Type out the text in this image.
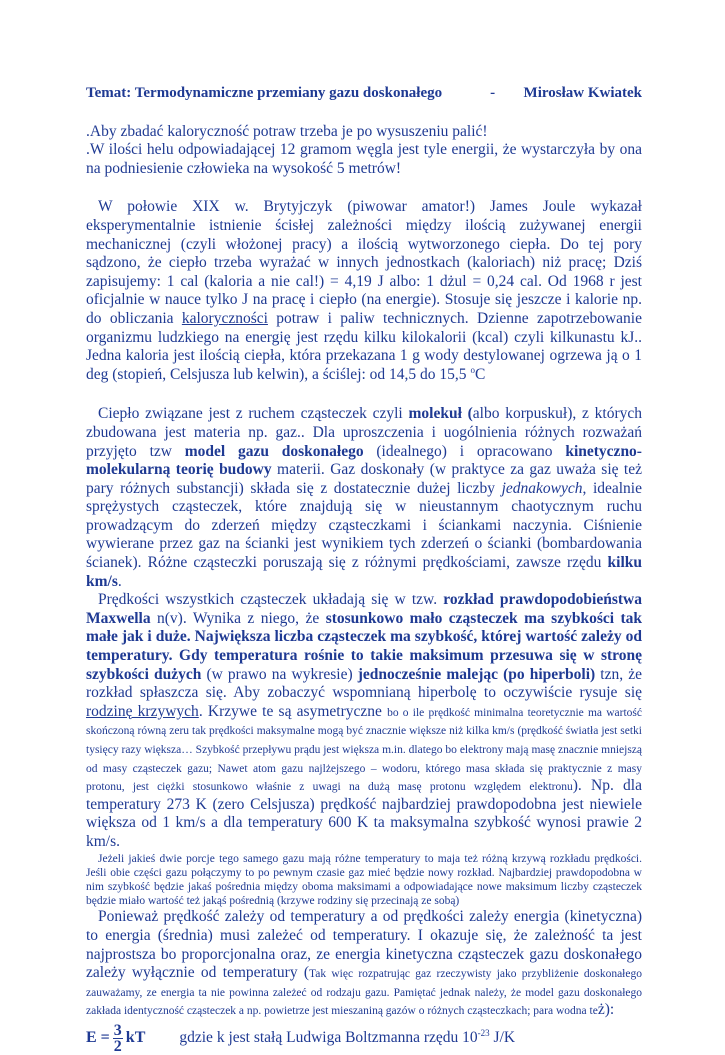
Temat: Termodynamiczne przemiany gazu doskonałego	- Mirosław Kwiatek

.Aby zbadać kaloryczność potraw trzeba je po wysuszeniu palić!

.W ilości helu odpowiadającej 12 gramom węgla jest tyle energii, że wystarczyła by ona na podniesienie człowieka na wysokość 5 metrów!

W połowie XIX w. Brytyjczyk (piwowar amator!) James Joule wykazał eksperymentalnie istnienie ścisłej zależności między ilością zużywanej energii mechanicznej (czyli włożonej pracy) a ilością wytworzonego ciepła. Do tej pory sądzono, że ciepło trzeba wyrażać w innych jednostkach (kaloriach) niż pracę; Dziś zapisujemy: 1 cal (kaloria a nie cal!) = 4,19 J albo: 1 dżul = 0,24 cal. Od 1968 r jest oficjalnie w nauce tylko J na pracę i ciepło (na energie). Stosuje się jeszcze i kalorie np. do obliczania kaloryczności potraw i paliw technicznych. Dzienne zapotrzebowanie organizmu ludzkiego na energię jest rzędu kilku kilokalorii (kcal) czyli kilkunastu kJ.. Jedna kaloria jest ilością ciepła, która przekazana 1 g wody destylowanej ogrzewa ją o 1 deg (stopień, Celsjusza lub kelwin), a ściślej: od 14,5 do 15,5 $^o$C

Ciepło związane jest z ruchem cząsteczek czyli molekuł (albo korpuskuł), z których zbudowana jest materia np. gaz.. Dla uproszczenia i uogólnienia różnych rozważań przyjęto tzw model gazu doskonałego (idealnego) i opracowano kinetyczno-molekularną teorię budowy materii. Gaz doskonały (w praktyce za gaz uważa się też pary różnych substancji) składa się z dostatecznie dużej liczby jednakowych, idealnie sprężystych cząsteczek, które znajdują się w nieustannym chaotycznym ruchu prowadzącym do zderzeń między cząsteczkami i ściankami naczynia. Ciśnienie wywierane przez gaz na ścianki jest wynikiem tych zderzeń o ścianki (bombardowania ścianek). Różne cząsteczki poruszają się z różnymi prędkościami, zawsze rzędu kilku km/s.

Prędkości wszystkich cząsteczek układają się w tzw. rozkład prawdopodobieństwa Maxwella n(v). Wynika z niego, że stosunkowo mało cząsteczek ma szybkości tak małe jak i duże. Największa liczba cząsteczek ma szybkość, której wartość zależy od temperatury. Gdy temperatura rośnie to takie maksimum przesuwa się w stronę szybkości dużych (w prawo na wykresie) jednocześnie malejąc (po hiperboli) tzn, że rozkład spłaszcza się. Aby zobaczyć wspomnianą hiperbolę to oczywiście rysuje się rodzinę krzywych. Krzywe te są asymetryczne bo o ile prędkość minimalna teoretycznie ma wartość skończoną równą zeru tak prędkości maksymalne mogą być znacznie większe niż kilka km/s (prędkość światła jest setki tysięcy razy większa… Szybkość przepływu prądu jest większa m.in. dlatego bo elektrony mają masę znacznie mniejszą od masy cząsteczek gazu; Nawet atom gazu najlżejszego – wodoru, którego masa składa się praktycznie z masy protonu, jest ciężki stosunkowo właśnie z uwagi na dużą masę protonu względem elektronu). Np. dla temperatury 273 K (zero Celsjusza) prędkość najbardziej prawdopodobna jest niewiele większa od 1 km/s a dla temperatury 600 K ta maksymalna szybkość wynosi prawie 2 km/s.

Jeżeli jakieś dwie porcje tego samego gazu mają różne temperatury to maja też różną krzywą rozkładu prędkości. Jeśli obie części gazu połączymy to po pewnym czasie gaz mieć będzie nowy rozkład. Najbardziej prawdopodobna w nim szybkość będzie jakaś pośrednia między oboma maksimami a odpowiadające nowe maksimum liczby cząsteczek będzie miało wartość też jakąś pośrednią (krzywe rodziny się przecinają ze sobą)

Ponieważ prędkość zależy od temperatury a od prędkości zależy energia (kinetyczna) to energia (średnia) musi zależeć od temperatury. I okazuje się, że zależność ta jest najprostsza bo proporcjonalna oraz, ze energia kinetyczna cząsteczek gazu doskonałego zależy wyłącznie od temperatury (Tak więc rozpatrując gaz rzeczywisty jako przybliżenie doskonałego zauważamy, ze energia ta nie powinna zależeć od rodzaju gazu. Pamiętać jednak należy, że model gazu doskonałego zakłada identyczność cząsteczek a np. powietrze jest mieszaniną gazów o różnych cząsteczkach; para wodna też):

$E = \frac{3}{2}$ kT gdzie k jest stałą Ludwiga Boltzmanna rzędu $10^{-23}$ J/K
